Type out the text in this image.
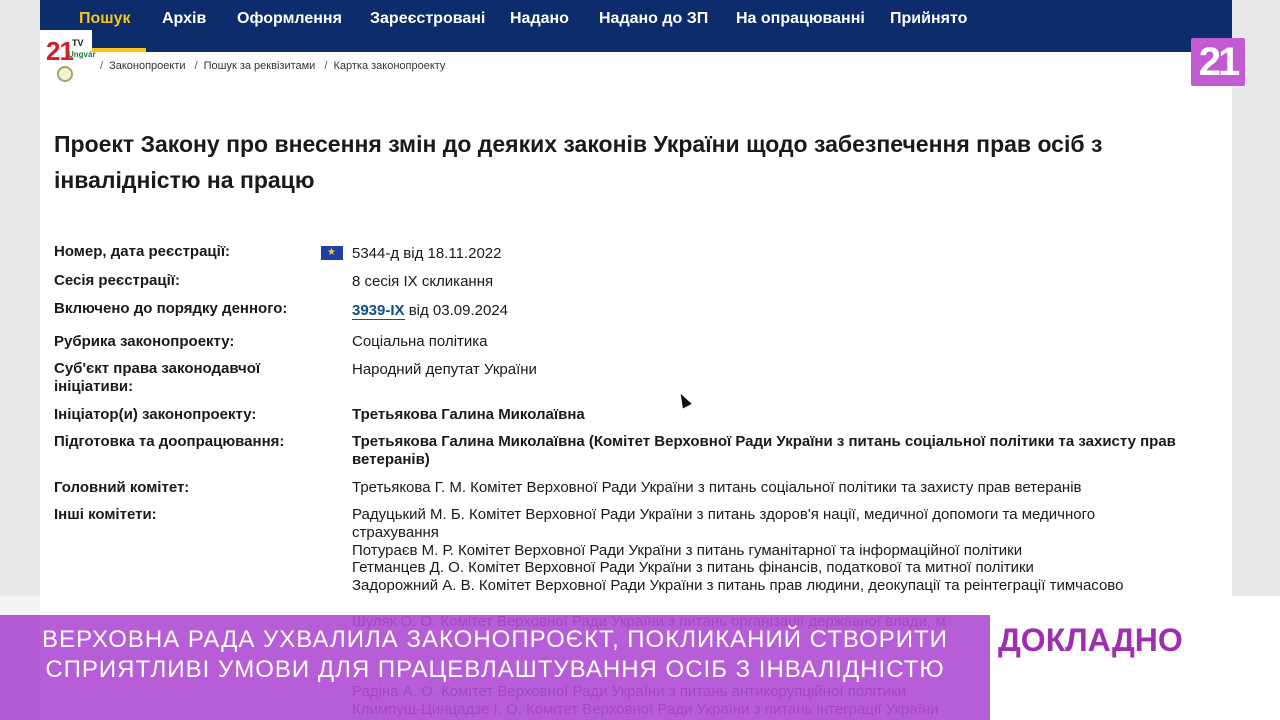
Пошук Архів Оформлення Зареєстровані Надано Надано до ЗП На опрацюванні Прийнято
21 TV
Ungvár
/ Законопроекти / Пошук за реквізитами / Картка законопроекту	21
Проект Закону про внесення змін до деяких законів України щодо забезпечення прав осіб з інвалідністю на працю
Номер, дата реєстрації:
★	5344-д від 18.11.2022
Сесія реєстрації:	8 сесія IX скликання
Включено до порядку денного:	3939-IX від 03.09.2024
Рубрика законопроекту:	Соціальна політика
Суб'єкт права законодавчої ініціативи:
Народний депутат України
Ініціатор(и) законопроекту:	Третьякова Галина Миколаївна
Підготовка та доопрацювання:	Третьякова Галина Миколаївна (Комітет Верховної Ради України з питань соціальної політики та захисту прав ветеранів)
Головний комітет:	Третьякова Г. М. Комітет Верховної Ради України з питань соціальної політики та захисту прав ветеранів
Інші комітети:	Радуцький М. Б. Комітет Верховної Ради України з питань здоров'я нації, медичної допомоги та медичного
страхування
Потураєв М. Р. Комітет Верховної Ради України з питань гуманітарної та інформаційної політики
Гетманцев Д. О. Комітет Верховної Ради України з питань фінансів, податкової та митної політики
Задорожний А. В. Комітет Верховної Ради України з питань прав людини, деокупації та реінтеграції тимчасово
ВЕРХОВНА РАДА УХВАЛИЛА ЗАКОНОПРОЄКТ, ПОКЛИКАНИЙ СТВОРИТИ
СПРИЯТЛИВІ УМОВИ ДЛЯ ПРАЦЕВЛАШТУВАННЯ ОСІБ З ІНВАЛІДНІСТЮ
ДОКЛАДНО
